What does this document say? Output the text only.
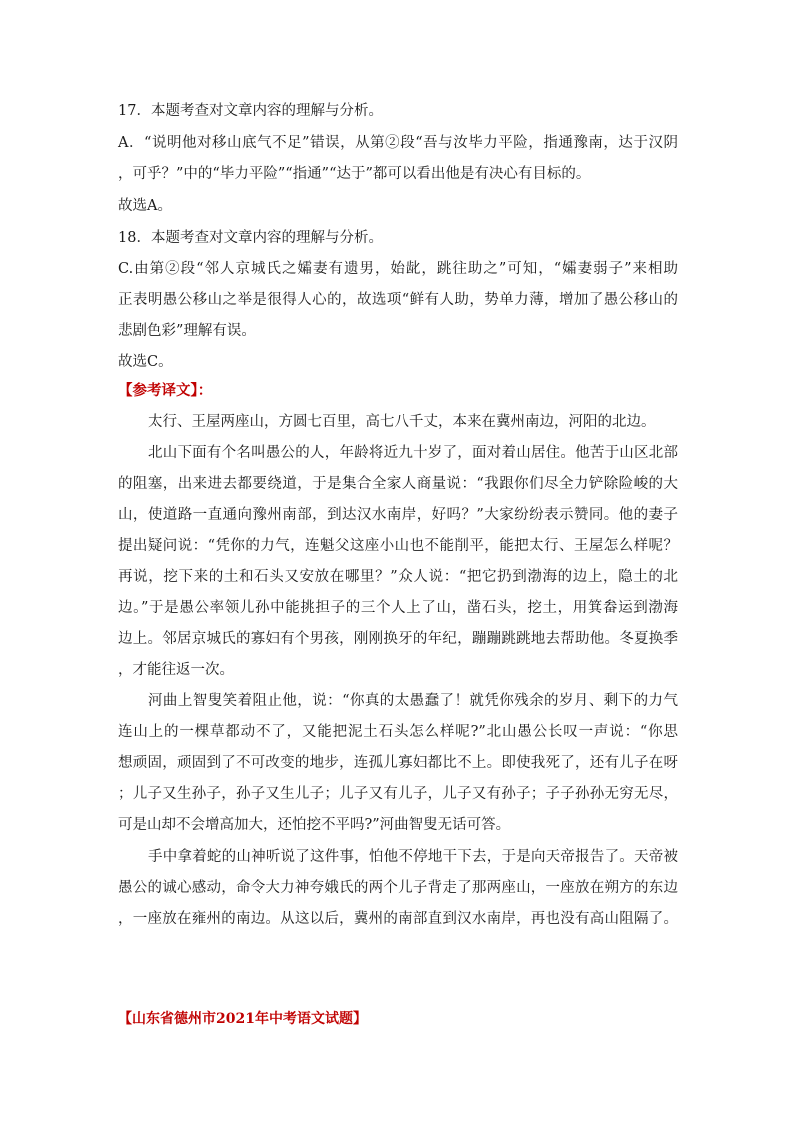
17．本题考查对文章内容的理解与分析。
A．“说明他对移山底气不足”错误，从第②段“吾与汝毕力平险，指通豫南，达于汉阴
，可乎？”中的“毕力平险”“指通”“达于”都可以看出他是有决心有目标的。
故选A。
18．本题考查对文章内容的理解与分析。
C.由第②段“邻人京城氏之孀妻有遗男，始龀，跳往助之”可知，“孀妻弱子”来相助
正表明愚公移山之举是很得人心的，故选项“鲜有人助，势单力薄，增加了愚公移山的
悲剧色彩”理解有误。
故选C。
【参考译文】：
太行、王屋两座山，方圆七百里，高七八千丈，本来在冀州南边，河阳的北边。
北山下面有个名叫愚公的人，年龄将近九十岁了，面对着山居住。他苦于山区北部
的阻塞，出来进去都要绕道，于是集合全家人商量说：“我跟你们尽全力铲除险峻的大
山，使道路一直通向豫州南部，到达汉水南岸，好吗？”大家纷纷表示赞同。他的妻子
提出疑问说：“凭你的力气，连魁父这座小山也不能削平，能把太行、王屋怎么样呢？
再说，挖下来的土和石头又安放在哪里？”众人说：“把它扔到渤海的边上，隐土的北
边。”于是愚公率领儿孙中能挑担子的三个人上了山，凿石头，挖土，用箕畚运到渤海
边上。邻居京城氏的寡妇有个男孩，刚刚换牙的年纪，蹦蹦跳跳地去帮助他。冬夏换季
，才能往返一次。
河曲上智叟笑着阻止他，说：“你真的太愚蠢了！就凭你残余的岁月、剩下的力气
连山上的一棵草都动不了，又能把泥土石头怎么样呢?”北山愚公长叹一声说：“你思
想顽固，顽固到了不可改变的地步，连孤儿寡妇都比不上。即使我死了，还有儿子在呀
；儿子又生孙子，孙子又生儿子；儿子又有儿子，儿子又有孙子；子子孙孙无穷无尽，
可是山却不会增高加大，还怕挖不平吗?”河曲智叟无话可答。
手中拿着蛇的山神听说了这件事，怕他不停地干下去，于是向天帝报告了。天帝被
愚公的诚心感动，命令大力神夸娥氏的两个儿子背走了那两座山，一座放在朔方的东边
，一座放在雍州的南边。从这以后，冀州的南部直到汉水南岸，再也没有高山阻隔了。
【山东省德州市2021年中考语文试题】
